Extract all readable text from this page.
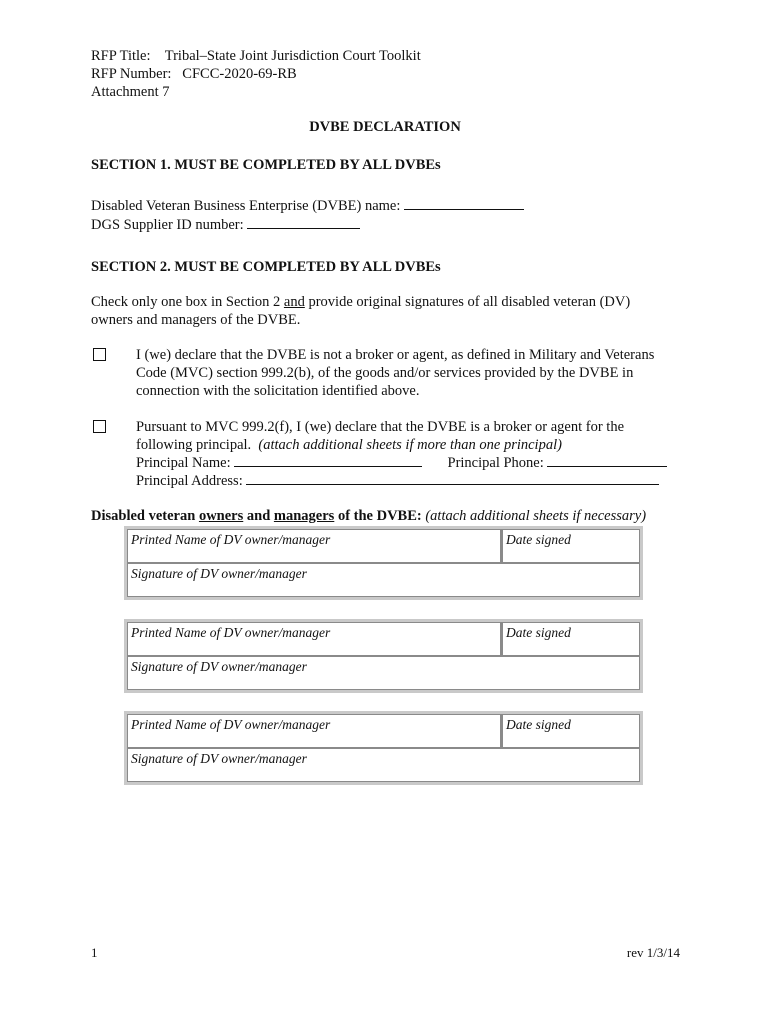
RFP Title:    Tribal–State Joint Jurisdiction Court Toolkit
RFP Number:   CFCC-2020-69-RB
Attachment 7
DVBE DECLARATION
SECTION 1. MUST BE COMPLETED BY ALL DVBEs
Disabled Veteran Business Enterprise (DVBE) name:
DGS Supplier ID number:
SECTION 2. MUST BE COMPLETED BY ALL DVBEs
Check only one box in Section 2 and provide original signatures of all disabled veteran (DV)
owners and managers of the DVBE.
I (we) declare that the DVBE is not a broker or agent, as defined in Military and Veterans
Code (MVC) section 999.2(b), of the goods and/or services provided by the DVBE in
connection with the solicitation identified above.
Pursuant to MVC 999.2(f), I (we) declare that the DVBE is a broker or agent for the
following principal.  (attach additional sheets if more than one principal)
Principal Name:	Principal Phone:
Principal Address:
Disabled veteran owners and managers of the DVBE: (attach additional sheets if necessary)
Printed Name of DV owner/manager	Date signed
Signature of DV owner/manager
Printed Name of DV owner/manager	Date signed
Signature of DV owner/manager
Printed Name of DV owner/manager	Date signed
Signature of DV owner/manager
1	rev 1/3/14
